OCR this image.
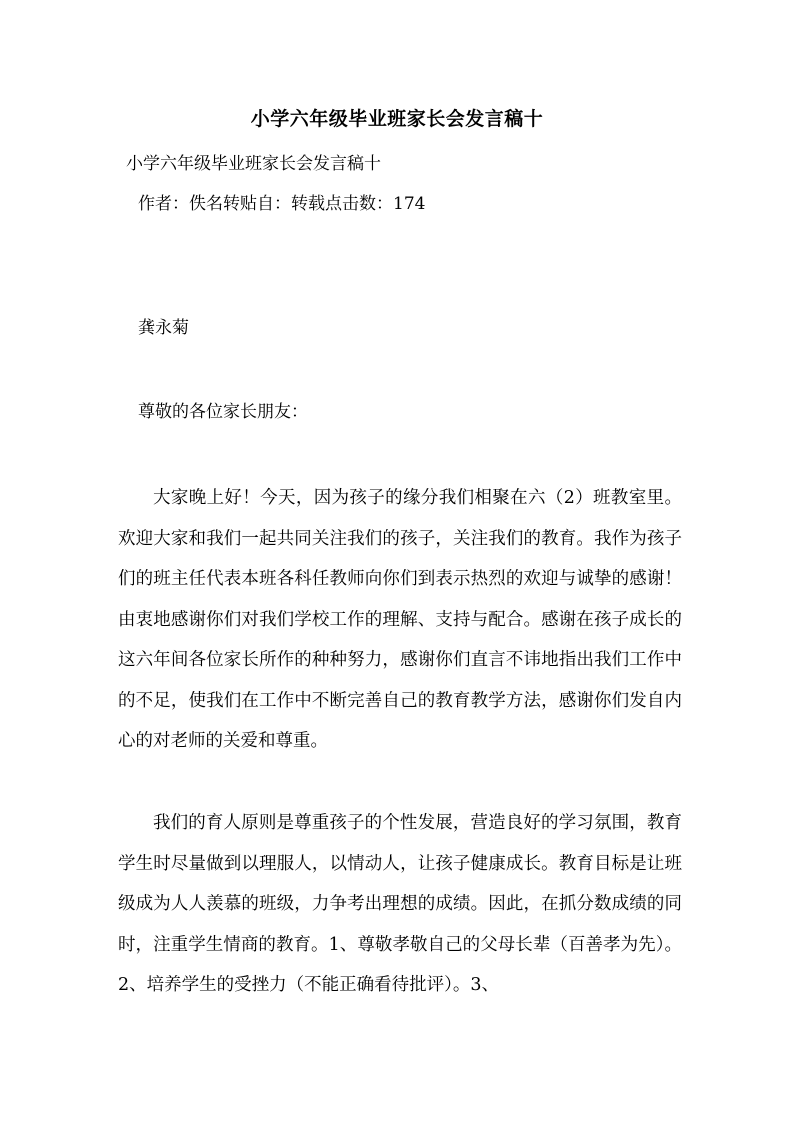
小学六年级毕业班家长会发言稿十
小学六年级毕业班家长会发言稿十
作者：佚名转贴自：转载点击数：174
龚永菊
尊敬的各位家长朋友：
大家晚上好！今天，因为孩子的缘分我们相聚在六（2）班教室里。欢迎大家和我们一起共同关注我们的孩子，关注我们的教育。我作为孩子们的班主任代表本班各科任教师向你们到表示热烈的欢迎与诚挚的感谢！由衷地感谢你们对我们学校工作的理解、支持与配合。感谢在孩子成长的这六年间各位家长所作的种种努力，感谢你们直言不讳地指出我们工作中的不足，使我们在工作中不断完善自己的教育教学方法，感谢你们发自内心的对老师的关爱和尊重。
我们的育人原则是尊重孩子的个性发展，营造良好的学习氛围，教育学生时尽量做到以理服人，以情动人，让孩子健康成长。教育目标是让班级成为人人羡慕的班级，力争考出理想的成绩。因此，在抓分数成绩的同时，注重学生情商的教育。1、尊敬孝敬自己的父母长辈（百善孝为先）。2、培养学生的受挫力（不能正确看待批评）。3、
